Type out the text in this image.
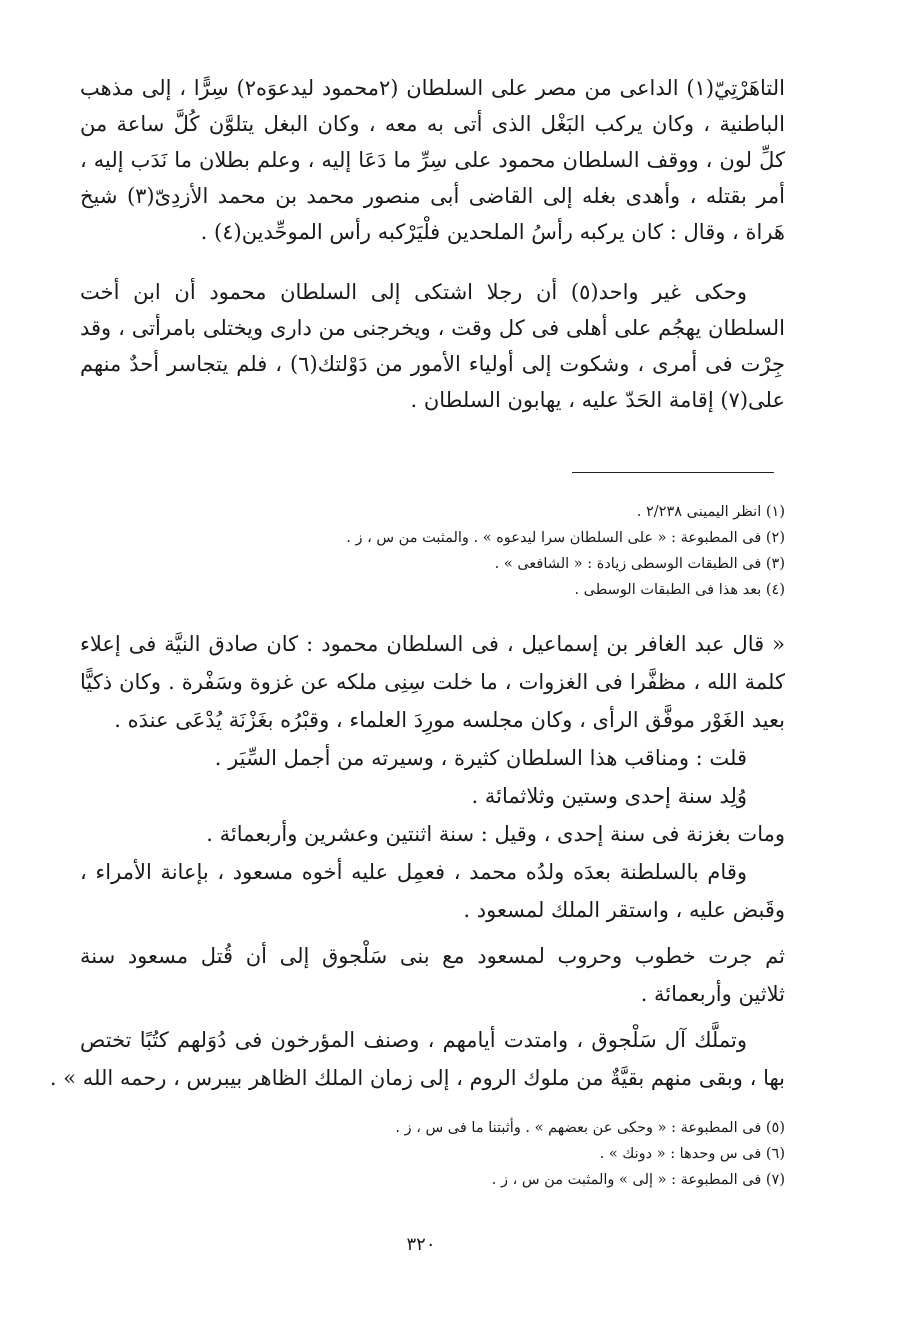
التاهَرْتِيّ(١) الداعى من مصر على السلطان (٢محمود ليدعوَه٢) سِرًّا ، إلى مذهب
الباطنية ، وكان يركب البَغْل الذى أتى به معه ، وكان البغل يتلوَّن كُلَّ ساعة من
كلِّ لون ، ووقف السلطان محمود على سِرِّ ما دَعَا إليه ، وعلم بطلان ما نَدَب إليه ،
أمر بقتله ، وأهدى بغله إلى القاضى أبى منصور محمد بن محمد الأزدِىّ(٣) شيخ
هَراة ، وقال : كان يركبه رأسُ الملحدين فلْيَرْكبه رأس الموحِّدين(٤) .
وحكى غير واحد(٥) أن رجلا اشتكى إلى السلطان محمود أن ابن أخت
السلطان يهجُم على أهلى فى كل وقت ، ويخرجنى من دارى ويختلى بامرأتى ، وقد
جِرْت فى أمرى ، وشكوت إلى أولياء الأمور من دَوْلتك(٦) ، فلم يتجاسر أحدٌ منهم
على(٧) إقامة الحَدّ عليه ، يهابون السلطان .
(١) انظر اليمينى ٢/٢٣٨ .
(٢) فى المطبوعة : « على السلطان سرا ليدعوه » . والمثبت من س ، ز .
(٣) فى الطبقات الوسطى زيادة : « الشافعى » .
(٤) بعد هذا فى الطبقات الوسطى .
« قال عبد الغافر بن إسماعيل ، فى السلطان محمود : كان صادق النيَّة فى إعلاء
كلمة الله ، مظفَّرا فى الغزوات ، ما خلت سِنِى ملكه عن غزوة وسَفْرة . وكان ذكيًّا
بعيد الغَوْر موفَّق الرأى ، وكان مجلسه مورِدَ العلماء ، وقبْرُه بغَزْنَة يُدْعَى عندَه .
قلت : ومناقب هذا السلطان كثيرة ، وسيرته من أجمل السِّيَر .
وُلِد سنة إحدى وستين وثلاثمائة .
ومات بغزنة فى سنة إحدى ، وقيل : سنة اثنتين وعشرين وأربعمائة .
وقام بالسلطنة بعدَه ولدُه محمد ، فعمِل عليه أخوه مسعود ، بإعانة الأمراء ،
وقَبض عليه ، واستقر الملك لمسعود .
ثم جرت خطوب وحروب لمسعود مع بنى سَلْجوق إلى أن قُتل مسعود سنة
ثلاثين وأربعمائة .
وتملَّك آل سَلْجوق ، وامتدت أيامهم ، وصنف المؤرخون فى دُوَلهم كتُبًا تختص
بها ، وبقى منهم بقيَّةٌ من ملوك الروم ، إلى زمان الملك الظاهر بيبرس ، رحمه الله » .
(٥) فى المطبوعة : « وحكى عن بعضهم » . وأثبتنا ما فى س ، ز .
(٦) فى س وحدها : « دونك » .
(٧) فى المطبوعة : « إلى » والمثبت من س ، ز .
٣٢٠
